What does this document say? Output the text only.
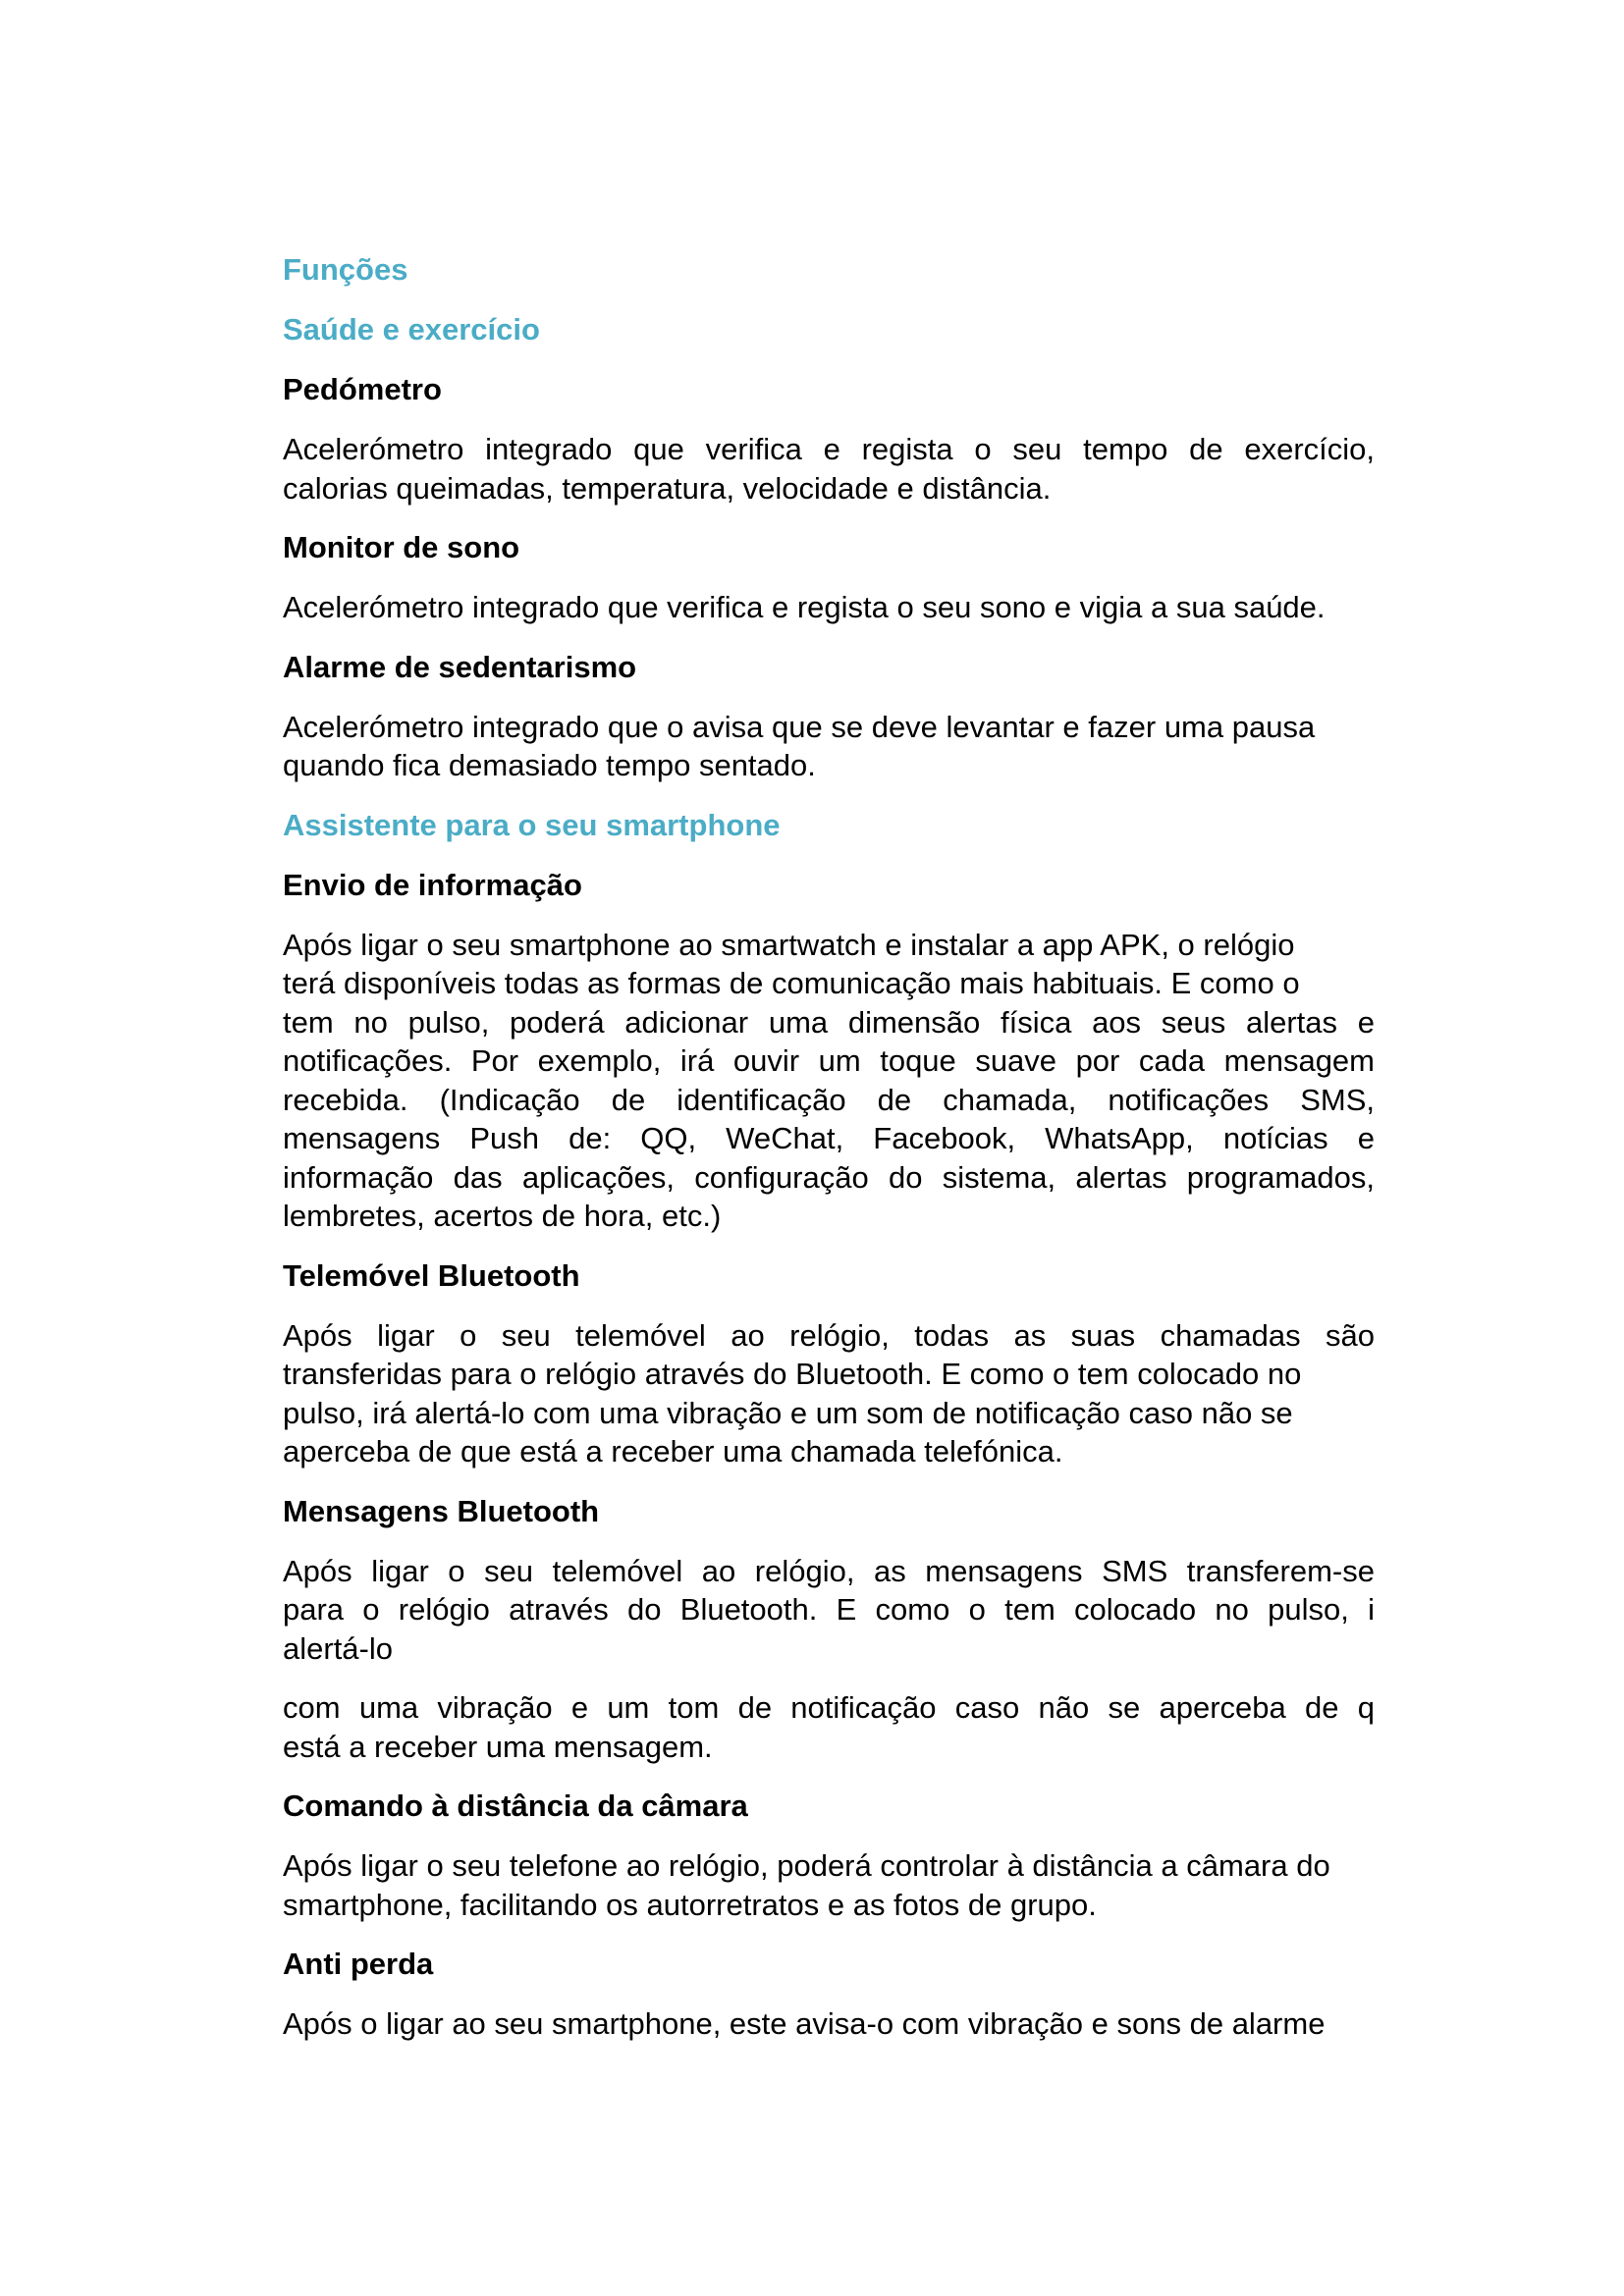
Funções
Saúde e exercício
Pedómetro
Acelerómetro integrado que verifica e regista o seu tempo de exercício,
calorias queimadas, temperatura, velocidade e distância.
Monitor de sono
Acelerómetro integrado que verifica e regista o seu sono e vigia a sua saúde.
Alarme de sedentarismo
Acelerómetro integrado que o avisa que se deve levantar e fazer uma pausa
quando fica demasiado tempo sentado.
Assistente para o seu smartphone
Envio de informação
Após ligar o seu smartphone ao smartwatch e instalar a app APK, o relógio
terá disponíveis todas as formas de comunicação mais habituais. E como o
tem no pulso, poderá adicionar uma dimensão física aos seus alertas e
notificações. Por exemplo, irá ouvir um toque suave por cada mensagem
recebida. (Indicação de identificação de chamada, notificações SMS,
mensagens Push de: QQ, WeChat, Facebook, WhatsApp, notícias e
informação das aplicações, configuração do sistema, alertas programados,
lembretes, acertos de hora, etc.)
Telemóvel Bluetooth
Após ligar o seu telemóvel ao relógio, todas as suas chamadas são
transferidas para o relógio através do Bluetooth. E como o tem colocado no
pulso, irá alertá-lo com uma vibração e um som de notificação caso não se
aperceba de que está a receber uma chamada telefónica.
Mensagens Bluetooth
Após ligar o seu telemóvel ao relógio, as mensagens SMS transferem-se
para o relógio através do Bluetooth. E como o tem colocado no pulso, i
alertá-lo
com uma vibração e um tom de notificação caso não se aperceba de q
está a receber uma mensagem.
Comando à distância da câmara
Após ligar o seu telefone ao relógio, poderá controlar à distância a câmara do
smartphone, facilitando os autorretratos e as fotos de grupo.
Anti perda
Após o ligar ao seu smartphone, este avisa-o com vibração e sons de alarme
